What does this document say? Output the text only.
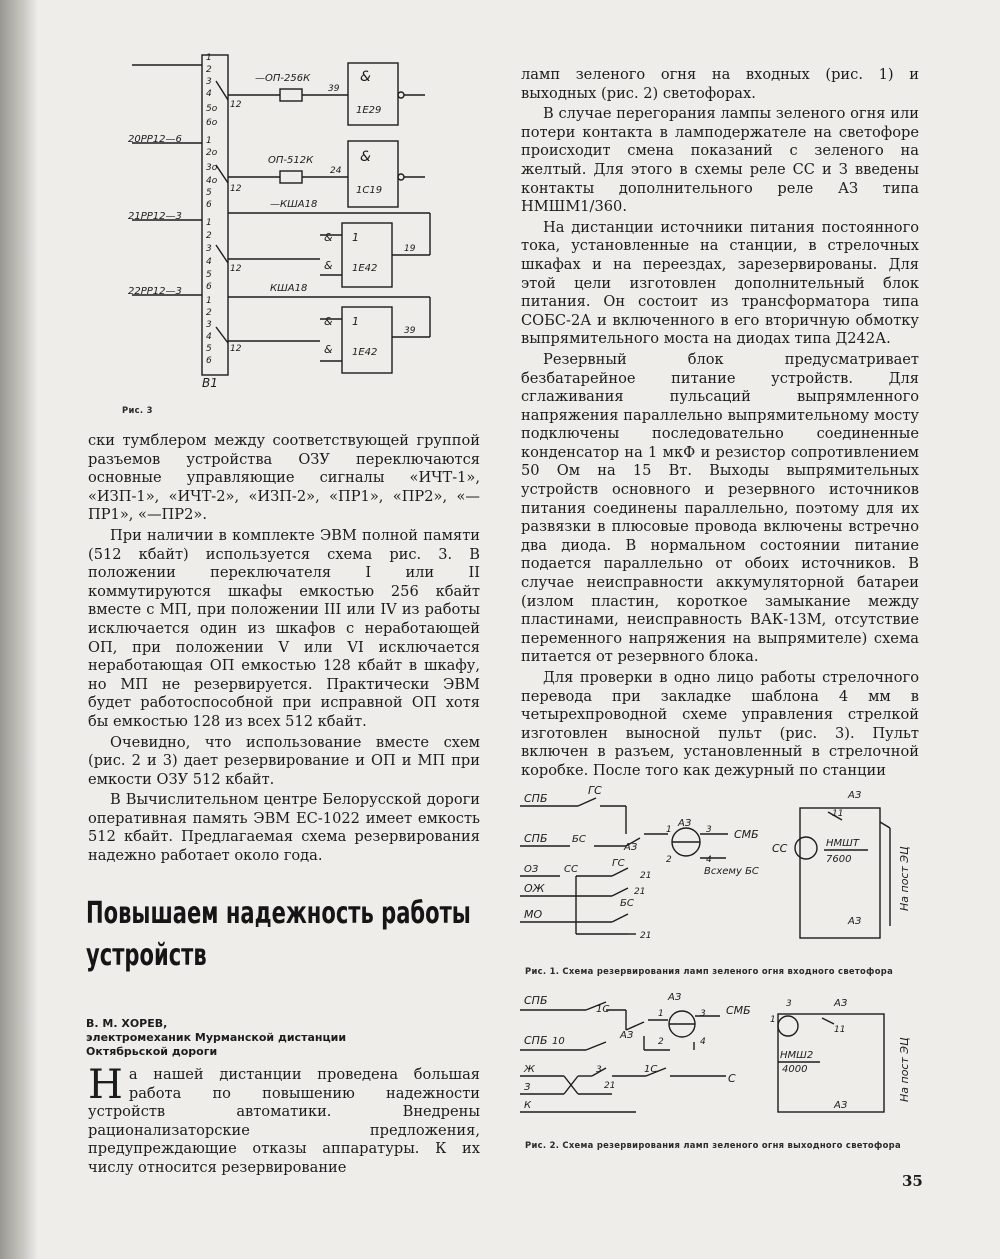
1
2
3
4
5о
6о
1
2о
3о
4о
5
6
1
2
3
4
5
6
1
2
3
4
5
6
20РР12—6
21РР12—3
22РР12—3
В1
12
12
12
12
—ОП-256К
39
&
1Е29
ОП-512К
24
&
1С19
—КША18
1
1Е42
&
&
19
КША18
1
1Е42
&
&
39
Рис. 3

ски тумблером между соответствующей группой разъемов устройства ОЗУ переключаются основные управляющие сигналы «ИЧТ-1», «ИЗП-1», «ИЧТ-2», «ИЗП-2», «ПР1», «ПР2», «—ПР1», «—ПР2».

При наличии в комплекте ЭВМ полной памяти (512 кбайт) используется схема рис. 3. В положении переключателя I или II коммутируются шкафы емкостью 256 кбайт вместе с МП, при положении III или IV из работы исключается один из шкафов с неработающей ОП, при положении V или VI исключается неработающая ОП емкостью 128 кбайт в шкафу, но МП не резервируется. Практически ЭВМ будет работоспособной при исправной ОП хотя бы емкостью 128 из всех 512 кбайт.

Очевидно, что использование вместе схем (рис. 2 и 3) дает резервирование и ОП и МП при емкости ОЗУ 512 кбайт.

В Вычислительном центре Белорусской дороги оперативная память ЭВМ ЕС-1022 имеет емкость 512 кбайт. Предлагаемая схема резервирования надежно работает около года.

Повышаем надежность работы
устройств
В. М. ХОРЕВ,
электромеханик Мурманской дистанции
Октябрьской дороги
Н а нашей дистанции проведена большая работа по повышению надежности устройств автоматики. Внедрены рационализаторские предложения, предупреждающие отказы аппаратуры. К их числу относится резервирование

ламп зеленого огня на входных (рис. 1) и выходных (рис. 2) светофорах.

В случае перегорания лампы зеленого огня или потери контакта в ламподержателе на светофоре происходит смена показаний с зеленого на желтый. Для этого в схемы реле СС и З введены контакты дополнительного реле АЗ типа НМШМ1/360.

На дистанции источники питания постоянного тока, установленные на станции, в стрелочных шкафах и на переездах, зарезервированы. Для этой цели изготовлен дополнительный блок питания. Он состоит из трансформатора типа СОБС-2А и включенного в его вторичную обмотку выпрямительного моста на диодах типа Д242А.

Резервный блок предусматривает безбатарейное питание устройств. Для сглаживания пульсаций выпрямленного напряжения параллельно выпрямительному мосту подключены последовательно соединенные конденсатор на 1 мкФ и резистор сопротивлением 50 Ом на 15 Вт. Выходы выпрямительных устройств основного и резервного источников питания соединены параллельно, поэтому для их развязки в плюсовые провода включены встречно два диода. В нормальном состоянии питание подается параллельно от обоих источников. В случае неисправности аккумуляторной батареи (излом пластин, короткое замыкание между пластинами, неисправность ВАК-13М, отсутствие переменного напряжения на выпрямителе) схема питается от резервного блока.

Для проверки в одно лицо работы стрелочного перевода при закладке шаблона 4 мм в четырехпроводной схеме управления стрелкой изготовлен выносной пульт (рис. 3). Пульт включен в разъем, установленный в стрелочной коробке. После того как дежурный по станции

СПБ
ГС
СПБ БС
АЗ
АЗ
1	3
2	4
СМБ
Всхему БС
ОЗ	СС
ГС
21
ОЖ	21
БС
МО
21
АЗ
11
СС	НМШТ
7600
АЗ
На пост ЭЦ
Рис. 1. Схема резервирования ламп зеленого огня входного светофора
СПБ
1С
АЗ
АЗ
1	3
2	4
СМБ
СПБ 10
Ж	3
21
З
К
1С
С
3
1
АЗ
11
НМШ2
4000
АЗ
На пост ЭЦ
Рис. 2. Схема резервирования ламп зеленого огня выходного светофора
35
